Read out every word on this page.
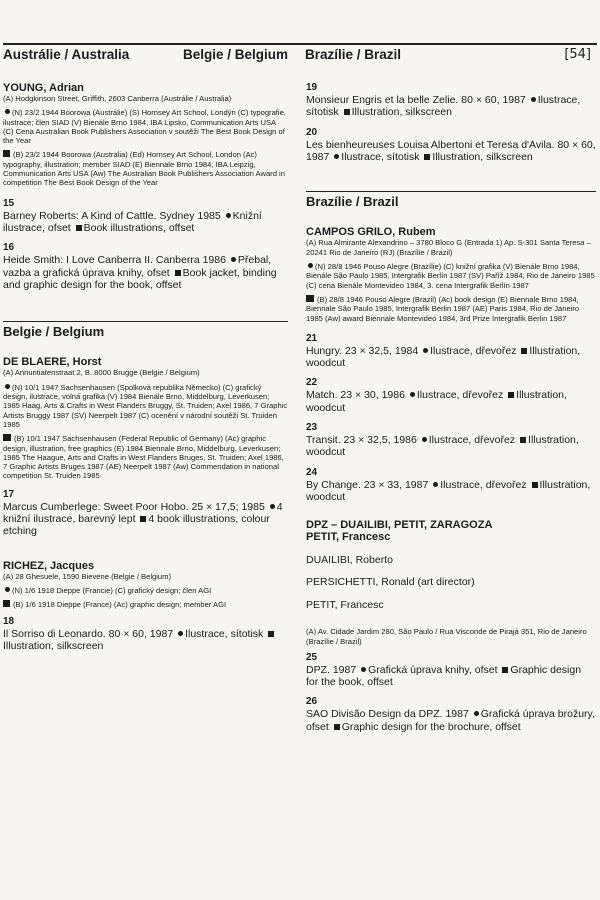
Austrálie / Australia	Belgie / Belgium Brazílie / Brazil	[54]

YOUNG, Adrian

(A) Hodgkinson Street, Griffith, 2603 Canberra (Austrálie / Australia)

(N) 23/2 1944 Boorowa (Austrálie) (S) Hornsey Art School, Londýn (C) typografie, ilustrace; člen SIAD (V) Bienále Brno 1984, IBA Lipsko, Communication Arts USA (C) Cena Australian Book Publishers Association v soutěži The Best Book Design of the Year

(B) 23/2 1944 Boorowa (Australia) (Ed) Hornsey Art School, London (Ac) typography, illustration; member SIAD (E) Biennale Brno 1984, IBA Leipzig, Communication Arts USA (Aw) The Australian Book Publishers Association Award in competition The Best Book Design of the Year

15

Barney Roberts: A Kind of Cattle. Sydney 1985 Knižní ilustrace, ofset Book illustrations, offset

16

Heide Smith: I Love Canberra II. Canberra 1986 Přebal, vazba a grafická úprava knihy, ofset Book jacket, binding and graphic design for the book, offset

Belgie / Belgium

DE BLAERE, Horst

(A) Annuntiatenstraat 2, B. 8000 Brugge (Belgie / Belgium)

(N) 10/1 1947 Sachsenhausen (Spolková republika Německo) (C) grafický design, ilustrace, volná grafika (V) 1984 Bienále Brno, Middelburg, Leverkusen; 1985 Haag, Arts & Crafts in West Flanders Bruggy, St. Truiden; Axel 1986, 7 Graphic Artists Bruggy 1987 (SV) Neerpelt 1987 (C) ocenění v národní soutěži St. Truiden 1985

(B) 10/1 1947 Sachsenhausen (Federal Republic of Germany) (Ac) graphic design, illustration, free graphics (E) 1984 Biennale Brno, Middelburg, Leverkusen; 1985 The Haague, Arts and Crafts in West Flanders Bruges, St. Truiden; Axel 1986, 7 Graphic Artists Bruges 1987 (AE) Neerpelt 1987 (Aw) Commendation in national competition St. Truiden 1985

17

Marcus Cumberlege: Sweet Poor Hobo. 25 × 17,5; 1985 4 knižní ilustrace, barevný lept 4 book illustrations, colour etching

RICHEZ, Jacques

(A) 28 Ghesuele, 1590 Bievene (Belgie / Belgium)

(N) 1/6 1918 Dieppe (Francie) (C) grafický design; člen AGI

(B) 1/6 1918 Dieppe (France) (Ac) graphic design; member AGI

18

Il Sorriso di Leonardo. 80 × 60, 1987 Ilustrace, sítotisk Illustration, silkscreen

19

Monsieur Engris et la belle Zelie. 80 × 60, 1987 Ilustrace, sítotisk Illustration, silkscreen

20

Les bienheureuses Louisa Albertoni et Teresa d'Avila. 80 × 60, 1987 Ilustrace, sítotisk Illustration, silkscreen

Brazílie / Brazil

CAMPOS GRILO, Rubem

(A) Rua Almirante Alexandrino – 3780 Bloco G (Entrada 1) Ap. S-301 Santa Teresa – 20241 Rio de Janeiro (RJ) (Brazílie / Brazil)

(N) 28/8 1946 Pouso Alegre (Brazílie) (C) knižní grafika (V) Bienále Brno 1984, Bienále São Paulo 1985, Intergrafik Berlín 1987 (SV) Paříž 1984, Rio de Janeiro 1985 (C) cena Bienále Montevideo 1984, 3. cena Intergrafik Berlín 1987

(B) 28/8 1946 Pouso Alegre (Brazil) (Ac) book design (E) Biennale Brno 1984, Biennale São Paulo 1985, Intergrafik Berlin 1987 (AE) Paris 1984, Rio de Janeiro 1985 (Aw) award Biennale Montevideo 1984, 3rd Prize Intergrafik Berlin 1987

21

Hungry. 23 × 32,5, 1984 Ilustrace, dřevořez Illustration, woodcut

22

Match. 23 × 30, 1986 Ilustrace, dřevořez Illustration, woodcut

23

Transit. 23 × 32,5, 1986 Ilustrace, dřevořez Illustration, woodcut

24

By Change. 23 × 33, 1987 Ilustrace, dřevořez Illustration, woodcut

DPZ – DUAILIBI, PETIT, ZARAGOZA

PETIT, Francesc

DUAILIBI, Roberto

PERSICHETTI, Ronald (art director)

PETIT, Francesc

(A) Av. Cidade Jardim 280, São Paulo / Rua Visconde de Pirajá 351, Rio de Janeiro (Brazílie / Brazil)

25

DPZ. 1987 Grafická úprava knihy, ofset Graphic design for the book, offset

26

SAO Divisão Design da DPZ. 1987 Grafická úprava brožury, ofset Graphic design for the brochure, offset
